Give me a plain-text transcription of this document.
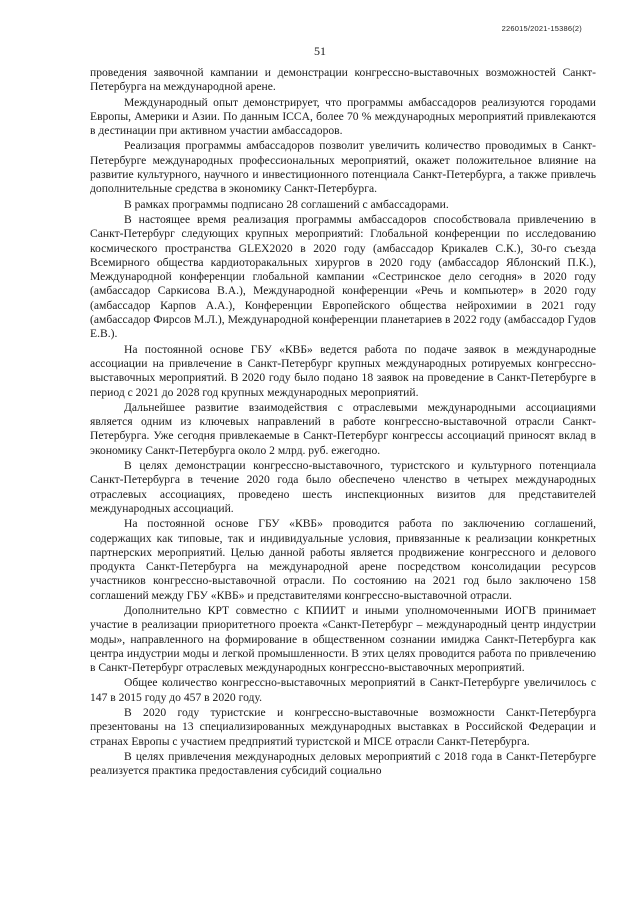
226015/2021-15386(2)
51

проведения заявочной кампании и демонстрации конгрессно-выставочных возможностей Санкт-Петербурга на международной арене.

Международный опыт демонстрирует, что программы амбассадоров реализуются городами Европы, Америки и Азии. По данным ICCA, более 70 % международных мероприятий привлекаются в дестинации при активном участии амбассадоров.

Реализация программы амбассадоров позволит увеличить количество проводимых в Санкт-Петербурге международных профессиональных мероприятий, окажет положительное влияние на развитие культурного, научного и инвестиционного потенциала Санкт-Петербурга, а также привлечь дополнительные средства в экономику Санкт-Петербурга.

В рамках программы подписано 28 соглашений с амбассадорами.

В настоящее время реализация программы амбассадоров способствовала привлечению в Санкт-Петербург следующих крупных мероприятий: Глобальной конференции по исследованию космического пространства GLEX2020 в 2020 году (амбассадор Крикалев С.К.), 30-го съезда Всемирного общества кардиоторакальных хирургов в 2020 году (амбассадор Яблонский П.К.), Международной конференции глобальной кампании «Сестринское дело сегодня» в 2020 году (амбассадор Саркисова В.А.), Международной конференции «Речь и компьютер» в 2020 году (амбассадор Карпов А.А.), Конференции Европейского общества нейрохимии в 2021 году (амбассадор Фирсов М.Л.), Международной конференции планетариев в 2022 году (амбассадор Гудов Е.В.).

На постоянной основе ГБУ «КВБ» ведется работа по подаче заявок в международные ассоциации на привлечение в Санкт-Петербург крупных международных ротируемых конгрессно-выставочных мероприятий. В 2020 году было подано 18 заявок на проведение в Санкт-Петербурге в период с 2021 до 2028 год крупных международных мероприятий.

Дальнейшее развитие взаимодействия с отраслевыми международными ассоциациями является одним из ключевых направлений в работе конгрессно-выставочной отрасли Санкт-Петербурга. Уже сегодня привлекаемые в Санкт-Петербург конгрессы ассоциаций приносят вклад в экономику Санкт-Петербурга около 2 млрд. руб. ежегодно.

В целях демонстрации конгрессно-выставочного, туристского и культурного потенциала Санкт-Петербурга в течение 2020 года было обеспечено членство в четырех международных отраслевых ассоциациях, проведено шесть инспекционных визитов для представителей международных ассоциаций.

На постоянной основе ГБУ «КВБ» проводится работа по заключению соглашений, содержащих как типовые, так и индивидуальные условия, привязанные к реализации конкретных партнерских мероприятий. Целью данной работы является продвижение конгрессного и делового продукта Санкт-Петербурга на международной арене посредством консолидации ресурсов участников конгрессно-выставочной отрасли. По состоянию на 2021 год было заключено 158 соглашений между ГБУ «КВБ» и представителями конгрессно-выставочной отрасли.

Дополнительно КРТ совместно с КПИИТ и иными уполномоченными ИОГВ принимает участие в реализации приоритетного проекта «Санкт-Петербург – международный центр индустрии моды», направленного на формирование в общественном сознании имиджа Санкт-Петербурга как центра индустрии моды и легкой промышленности. В этих целях проводится работа по привлечению в Санкт-Петербург отраслевых международных конгрессно-выставочных мероприятий.

Общее количество конгрессно-выставочных мероприятий в Санкт-Петербурге увеличилось с 147 в 2015 году до 457 в 2020 году.

В 2020 году туристские и конгрессно-выставочные возможности Санкт-Петербурга презентованы на 13 специализированных международных выставках в Российской Федерации и странах Европы с участием предприятий туристской и MICE отрасли Санкт-Петербурга.

В целях привлечения международных деловых мероприятий с 2018 года в Санкт-Петербурге реализуется практика предоставления субсидий социально
